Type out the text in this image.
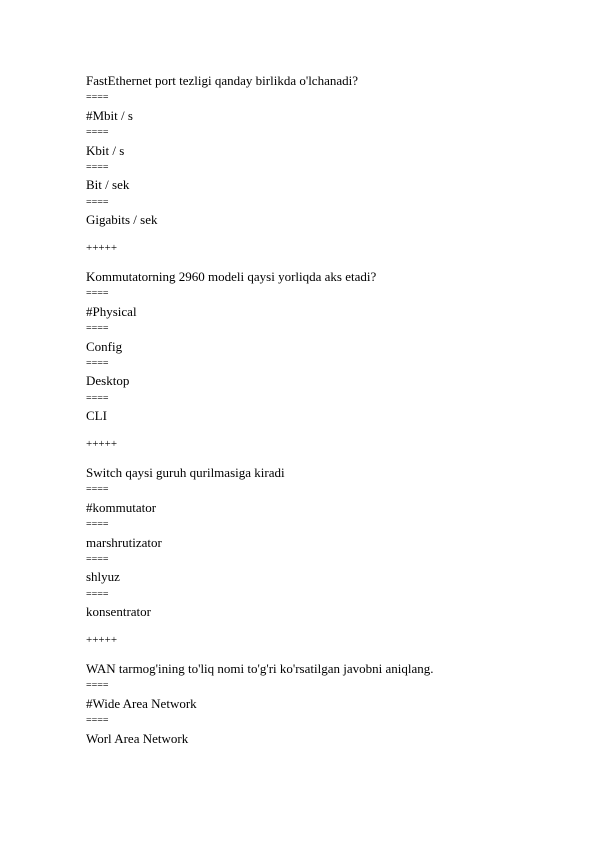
FastEthernet port tezligi qanday birlikda o'lchanadi?
====
#Mbit / s
====
Kbit / s
====
Bit / sek
====
Gigabits / sek
+++++
Kommutatorning 2960 modeli qaysi yorliqda aks etadi?
====
#Physical
====
Config
====
Desktop
====
CLI
+++++
Switch qaysi guruh qurilmasiga kiradi
====
#kommutator
====
marshrutizator
====
shlyuz
====
konsentrator
+++++
WAN tarmog'ining to'liq nomi to'g'ri ko'rsatilgan javobni aniqlang.
====
#Wide Area Network
====
Worl Area Network
